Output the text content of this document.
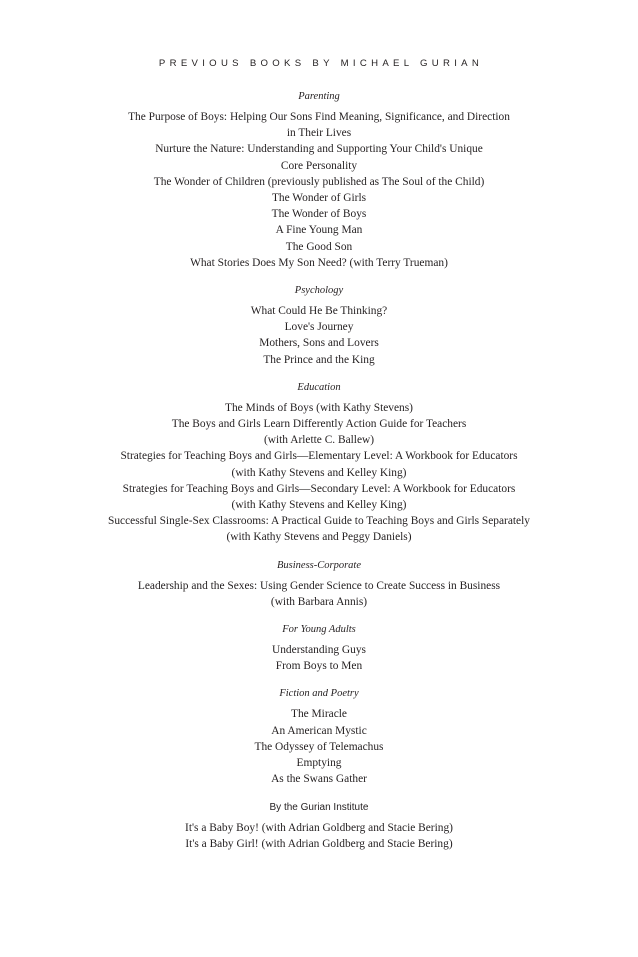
PREVIOUS BOOKS BY MICHAEL GURIAN
Parenting
The Purpose of Boys: Helping Our Sons Find Meaning, Significance, and Direction
in Their Lives
Nurture the Nature: Understanding and Supporting Your Child's Unique
Core Personality
The Wonder of Children (previously published as The Soul of the Child)
The Wonder of Girls
The Wonder of Boys
A Fine Young Man
The Good Son
What Stories Does My Son Need? (with Terry Trueman)
Psychology
What Could He Be Thinking?
Love's Journey
Mothers, Sons and Lovers
The Prince and the King
Education
The Minds of Boys (with Kathy Stevens)
The Boys and Girls Learn Differently Action Guide for Teachers
(with Arlette C. Ballew)
Strategies for Teaching Boys and Girls—Elementary Level: A Workbook for Educators
(with Kathy Stevens and Kelley King)
Strategies for Teaching Boys and Girls—Secondary Level: A Workbook for Educators
(with Kathy Stevens and Kelley King)
Successful Single-Sex Classrooms: A Practical Guide to Teaching Boys and Girls Separately
(with Kathy Stevens and Peggy Daniels)
Business-Corporate
Leadership and the Sexes: Using Gender Science to Create Success in Business
(with Barbara Annis)
For Young Adults
Understanding Guys
From Boys to Men
Fiction and Poetry
The Miracle
An American Mystic
The Odyssey of Telemachus
Emptying
As the Swans Gather
By the Gurian Institute
It's a Baby Boy! (with Adrian Goldberg and Stacie Bering)
It's a Baby Girl! (with Adrian Goldberg and Stacie Bering)
